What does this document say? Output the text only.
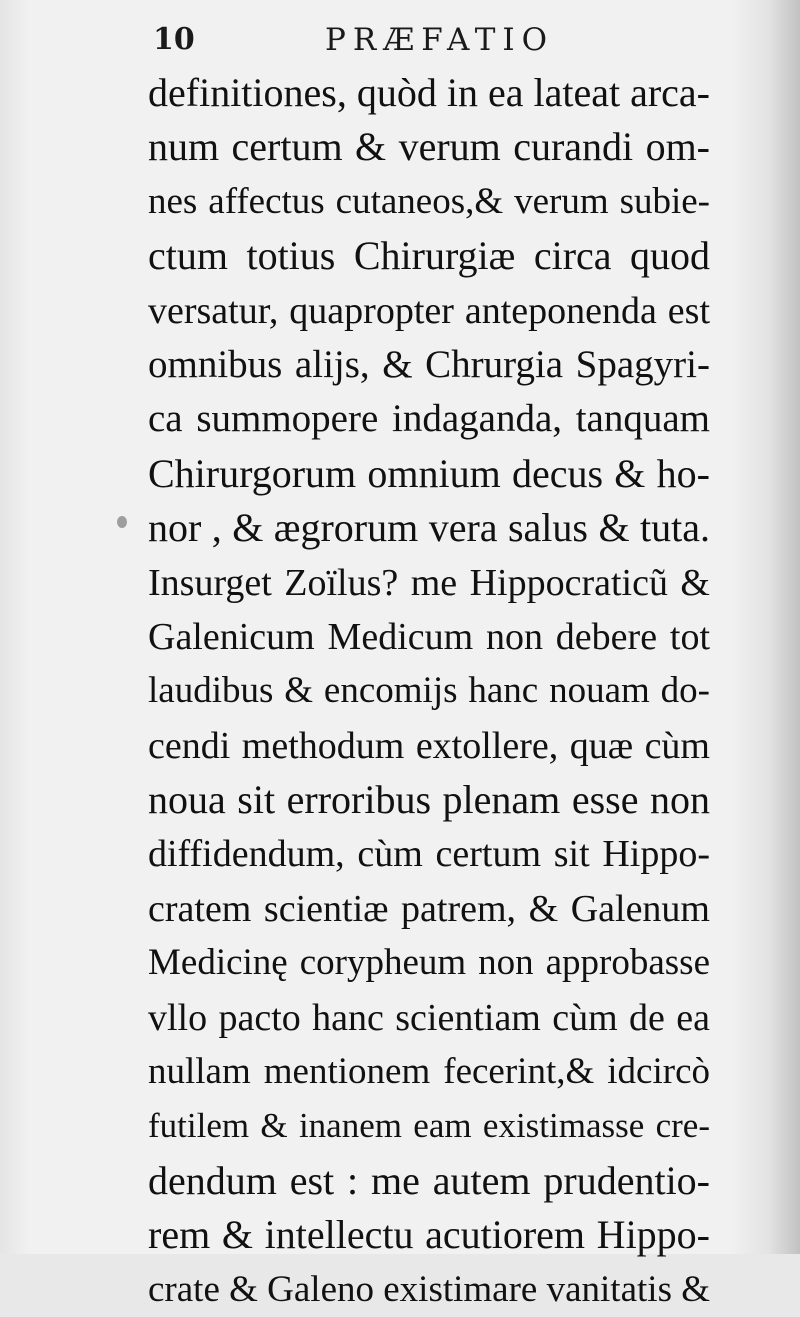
10	PRÆFATIO
definitiones, quòd in ea lateat arca-
num certum & verum curandi om-
nes affectus cutaneos,& verum subie-
ctum totius Chirurgiæ circa quod
versatur, quapropter anteponenda est
omnibus alijs, & Chrurgia Spagyri-
ca summopere indaganda, tanquam
Chirurgorum omnium decus & ho-
nor , & ægrorum vera salus & tuta.
Insurget Zoïlus? me Hippocraticũ &
Galenicum Medicum non debere tot
laudibus & encomijs hanc nouam do-
cendi methodum extollere, quæ cùm
noua sit erroribus plenam esse non
diffidendum, cùm certum sit Hippo-
cratem scientiæ patrem, & Galenum
Medicinę corypheum non approbasse
vllo pacto hanc scientiam cùm de ea
nullam mentionem fecerint,& idcircò
futilem & inanem eam existimasse cre-
dendum est : me autem prudentio-
rem & intellectu acutiorem Hippo-
crate & Galeno existimare vanitatis &
